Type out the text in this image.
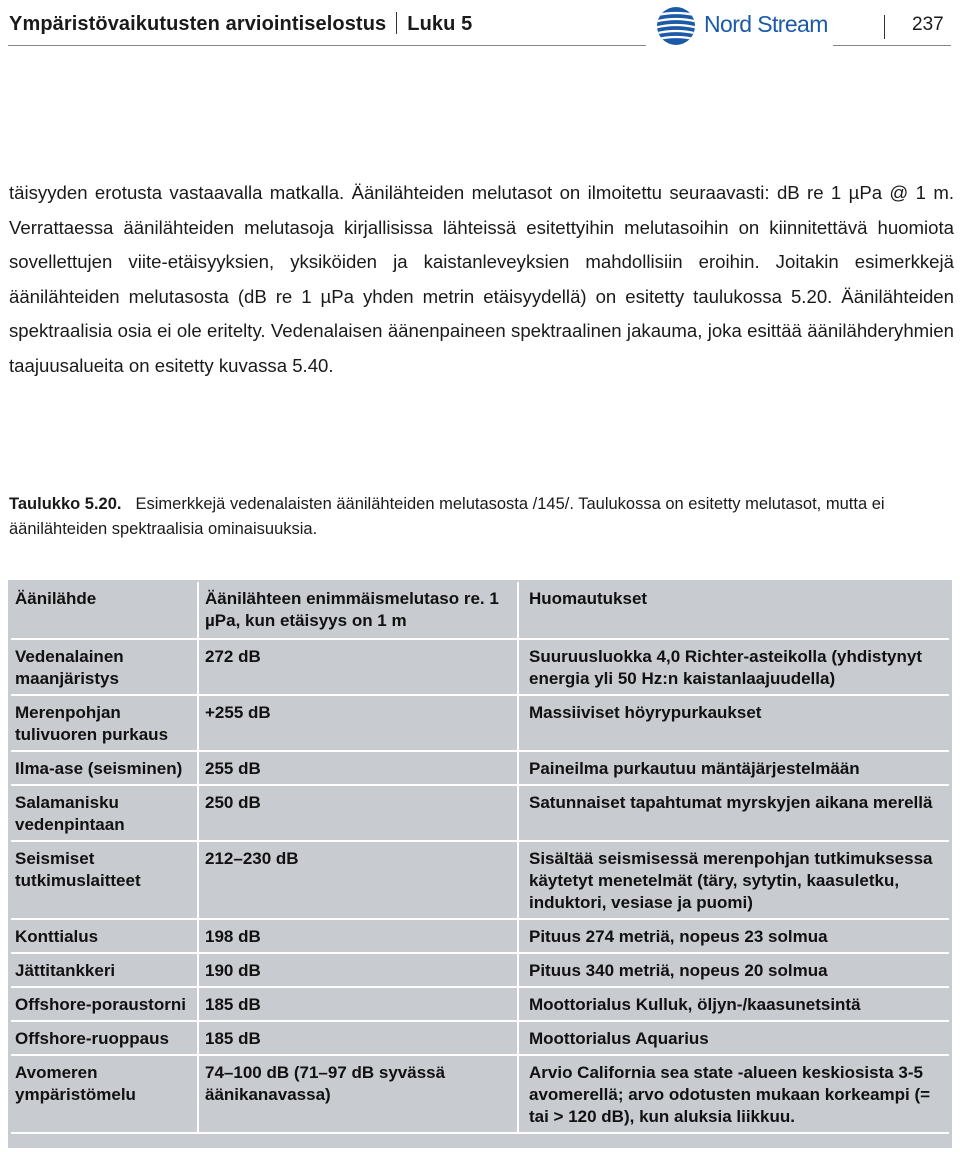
Ympäristövaikutusten arviointiselostus Luku 5	Nord Stream	237
täisyyden erotusta vastaavalla matkalla. Äänilähteiden melutasot on ilmoitettu seuraavasti: dB re 1 µPa @ 1 m. Verrattaessa äänilähteiden melutasoja kirjallisissa lähteissä esitettyihin melutasoihin on kiinnitettävä huomiota sovellettujen viite-etäisyyksien, yksiköiden ja kaistanleveyksien mahdollisiin eroihin. Joitakin esimerkkejä äänilähteiden melutasosta (dB re 1 µPa yhden metrin etäisyydellä) on esitetty taulukossa 5.20. Äänilähteiden spektraalisia osia ei ole eritelty. Vedenalaisen äänenpaineen spektraalinen jakauma, joka esittää äänilähderyhmien taajuusalueita on esitetty kuvassa 5.40.
Taulukko 5.20. Esimerkkejä vedenalaisten äänilähteiden melutasosta /145/. Taulukossa on esitetty melutasot, mutta ei äänilähteiden spektraalisia ominaisuuksia.
Äänilähde	Äänilähteen enimmäismelutaso re. 1 µPa, kun etäisyys on 1 m	Huomautukset
Vedenalainen maanjäristys	272 dB	Suuruusluokka 4,0 Richter-asteikolla (yhdistynyt energia yli 50 Hz:n kaistanlaajuudella)
Merenpohjan tulivuoren purkaus	+255 dB	Massiiviset höyrypurkaukset
Ilma-ase (seisminen)	255 dB	Paineilma purkautuu mäntäjärjestelmään
Salamanisku vedenpintaan	250 dB	Satunnaiset tapahtumat myrskyjen aikana merellä
Seismiset tutkimuslaitteet	212–230 dB	Sisältää seismisessä merenpohjan tutkimuksessa käytetyt menetelmät (täry, sytytin, kaasuletku, induktori, vesiase ja puomi)
Konttialus	198 dB	Pituus 274 metriä, nopeus 23 solmua
Jättitankkeri	190 dB	Pituus 340 metriä, nopeus 20 solmua
Offshore-poraustorni	185 dB	Moottorialus Kulluk, öljyn-/kaasunetsintä
Offshore-ruoppaus	185 dB	Moottorialus Aquarius
Avomeren ympäristömelu	74–100 dB (71–97 dB syvässä äänikanavassa)	Arvio California sea state -alueen keskiosista 3-5 avomerellä; arvo odotusten mukaan korkeampi (= tai > 120 dB), kun aluksia liikkuu.
